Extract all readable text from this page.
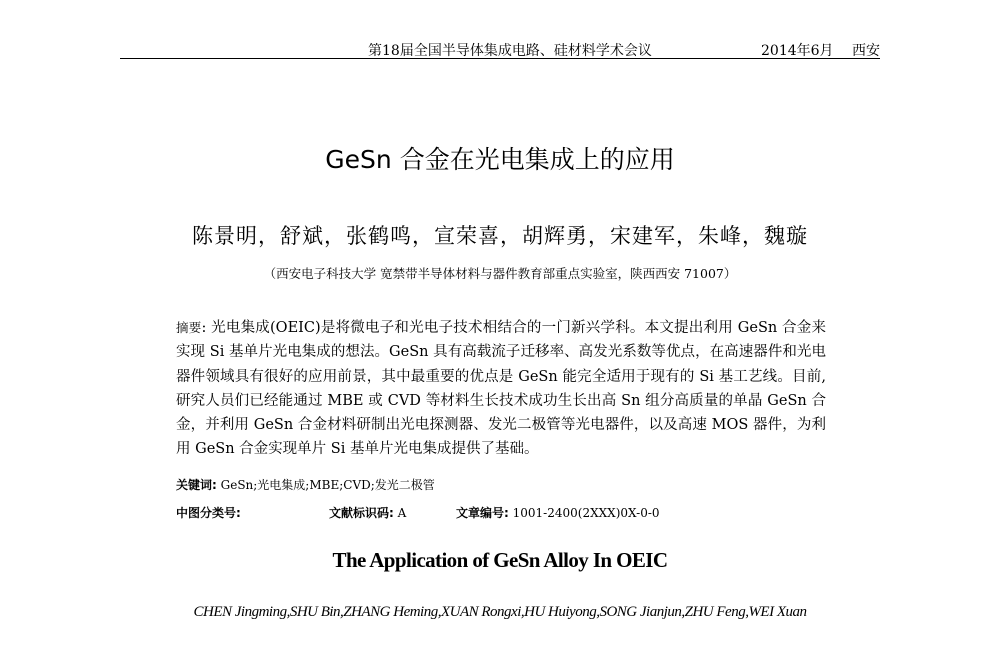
第18届全国半导体集成电路、硅材料学术会议	2014年6月　 西安
GeSn 合金在光电集成上的应用
陈景明，舒斌，张鹤鸣，宣荣喜，胡辉勇，宋建军，朱峰，魏璇
（西安电子科技大学 宽禁带半导体材料与器件教育部重点实验室，陕西西安 71007）
摘要: 光电集成(OEIC)是将微电子和光电子技术相结合的一门新兴学科。本文提出利用 GeSn 合金来实现 Si 基单片光电集成的想法。GeSn 具有高载流子迁移率、高发光系数等优点，在高速器件和光电器件领域具有很好的应用前景，其中最重要的优点是 GeSn 能完全适用于现有的 Si 基工艺线。目前,研究人员们已经能通过 MBE 或 CVD 等材料生长技术成功生长出高 Sn 组分高质量的单晶 GeSn 合金，并利用 GeSn 合金材料研制出光电探测器、发光二极管等光电器件，以及高速 MOS 器件，为利用 GeSn 合金实现单片 Si 基单片光电集成提供了基础。
关键词: GeSn;光电集成;MBE;CVD;发光二极管
中图分类号:	文献标识码: A	文章编号: 1001-2400(2XXX)0X-0-0
The Application of GeSn Alloy In OEIC
CHEN Jingming,SHU Bin,ZHANG Heming,XUAN Rongxi,HU Huiyong,SONG Jianjun,ZHU Feng,WEI Xuan
